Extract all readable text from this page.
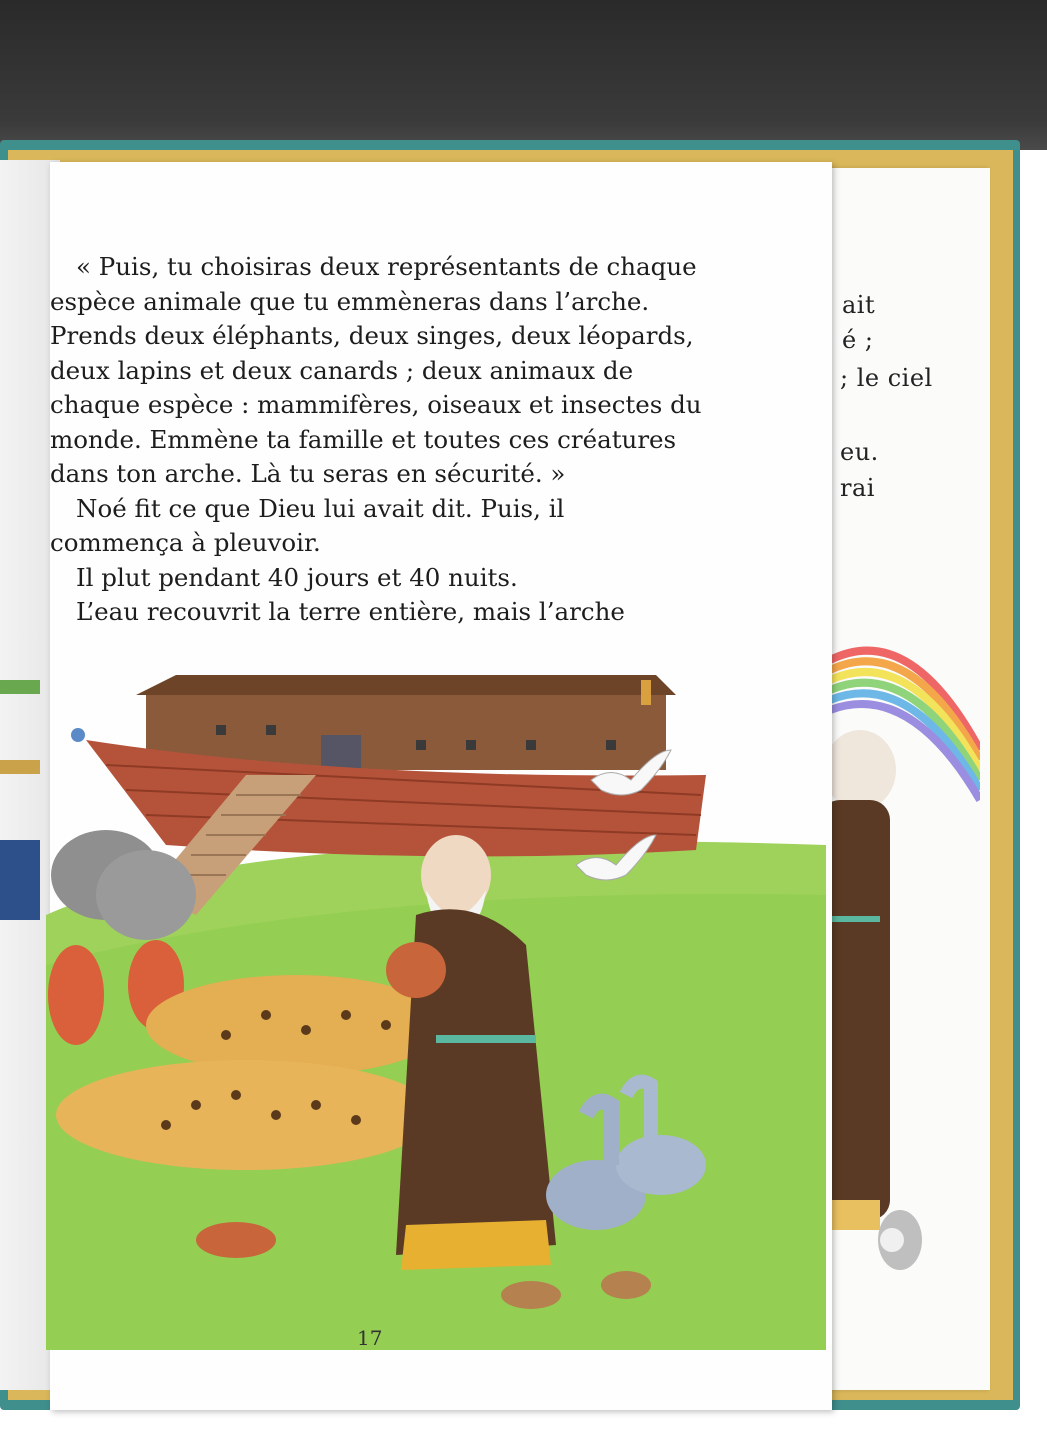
ait
é ;
; le ciel
eu.
rai

« Puis, tu choisiras deux représentants de chaque

espèce animale que tu emmèneras dans l’arche.

Prends deux éléphants, deux singes, deux léopards,

deux lapins et deux canards ; deux animaux de

chaque espèce : mammifères, oiseaux et insectes du

monde. Emmène ta famille et toutes ces créatures

dans ton arche. Là tu seras en sécurité. »

Noé fit ce que Dieu lui avait dit. Puis, il

commença à pleuvoir.

Il plut pendant 40 jours et 40 nuits.

L’eau recouvrit la terre entière, mais l’arche

17
